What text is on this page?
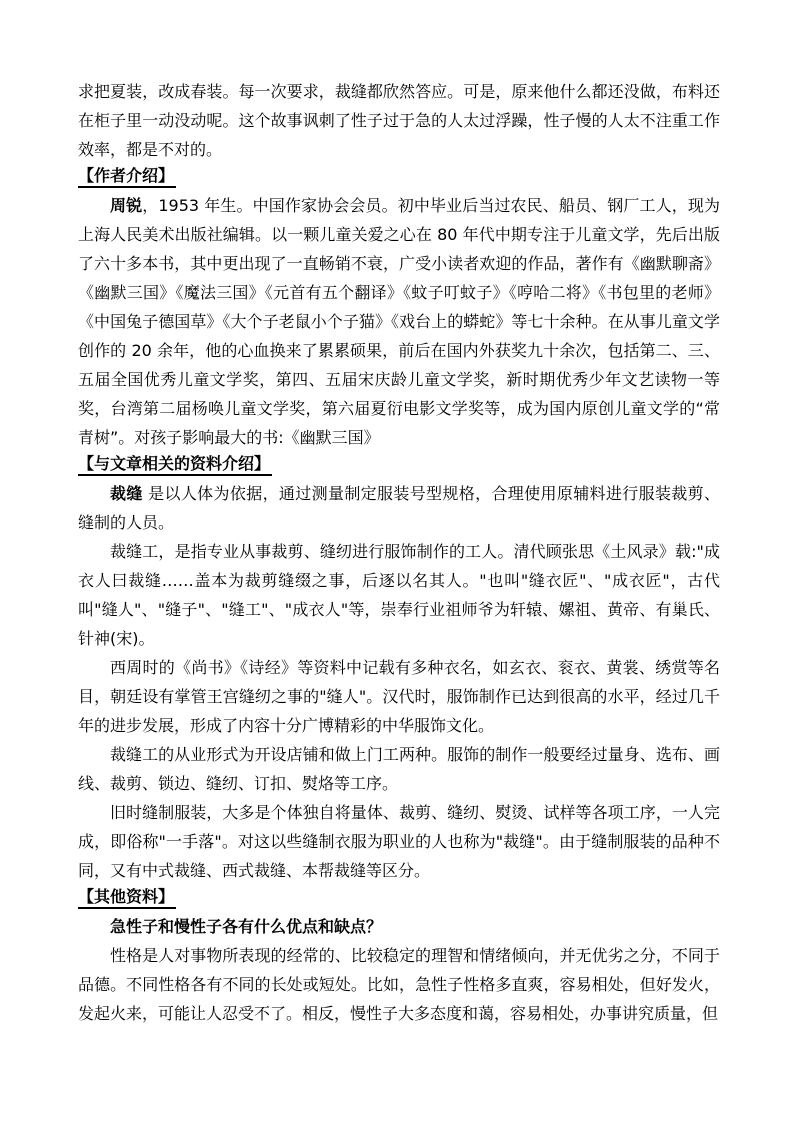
求把夏装，改成春装。每一次要求，裁缝都欣然答应。可是，原来他什么都还没做，布料还在柜子里一动没动呢。这个故事讽刺了性子过于急的人太过浮躁，性子慢的人太不注重工作效率，都是不对的。

【作者介绍】

周锐，1953 年生。中国作家协会会员。初中毕业后当过农民、船员、钢厂工人，现为上海人民美术出版社编辑。以一颗儿童关爱之心在 80 年代中期专注于儿童文学，先后出版了六十多本书，其中更出现了一直畅销不衰，广受小读者欢迎的作品，著作有《幽默聊斋》《幽默三国》《魔法三国》《元首有五个翻译》《蚊子叮蚊子》《哼哈二将》《书包里的老师》《中国兔子德国草》《大个子老鼠小个子猫》《戏台上的蟒蛇》等七十余种。在从事儿童文学创作的 20 余年，他的心血换来了累累硕果，前后在国内外获奖九十余次，包括第二、三、五届全国优秀儿童文学奖，第四、五届宋庆龄儿童文学奖，新时期优秀少年文艺读物一等奖，台湾第二届杨唤儿童文学奖，第六届夏衍电影文学奖等，成为国内原创儿童文学的“常青树”。对孩子影响最大的书:《幽默三国》

【与文章相关的资料介绍】

裁缝 是以人体为依据，通过测量制定服装号型规格，合理使用原辅料进行服装裁剪、缝制的人员。

裁缝工，是指专业从事裁剪、缝纫进行服饰制作的工人。清代顾张思《土风录》载:"成衣人曰裁缝……盖本为裁剪缝缀之事，后逐以名其人。"也叫"缝衣匠"、"成衣匠"，古代叫"缝人"、"缝子"、"缝工"、"成衣人"等，崇奉行业祖师爷为轩辕、嫘祖、黄帝、有巢氏、针神(宋)。

西周时的《尚书》《诗经》等资料中记载有多种衣名，如玄衣、衮衣、黄裳、绣赏等名目，朝廷设有掌管王宫缝纫之事的"缝人"。汉代时，服饰制作已达到很高的水平，经过几千年的进步发展，形成了内容十分广博精彩的中华服饰文化。

裁缝工的从业形式为开设店铺和做上门工两种。服饰的制作一般要经过量身、选布、画线、裁剪、锁边、缝纫、订扣、熨烙等工序。

旧时缝制服装，大多是个体独自将量体、裁剪、缝纫、熨烫、试样等各项工序，一人完成，即俗称"一手落"。对这以些缝制衣服为职业的人也称为"裁缝"。由于缝制服装的品种不同，又有中式裁缝、西式裁缝、本帮裁缝等区分。

【其他资料】

急性子和慢性子各有什么优点和缺点？

性格是人对事物所表现的经常的、比较稳定的理智和情绪倾向，并无优劣之分，不同于品德。不同性格各有不同的长处或短处。比如，急性子性格多直爽，容易相处，但好发火，发起火来，可能让人忍受不了。相反，慢性子大多态度和蔼，容易相处，办事讲究质量，但
